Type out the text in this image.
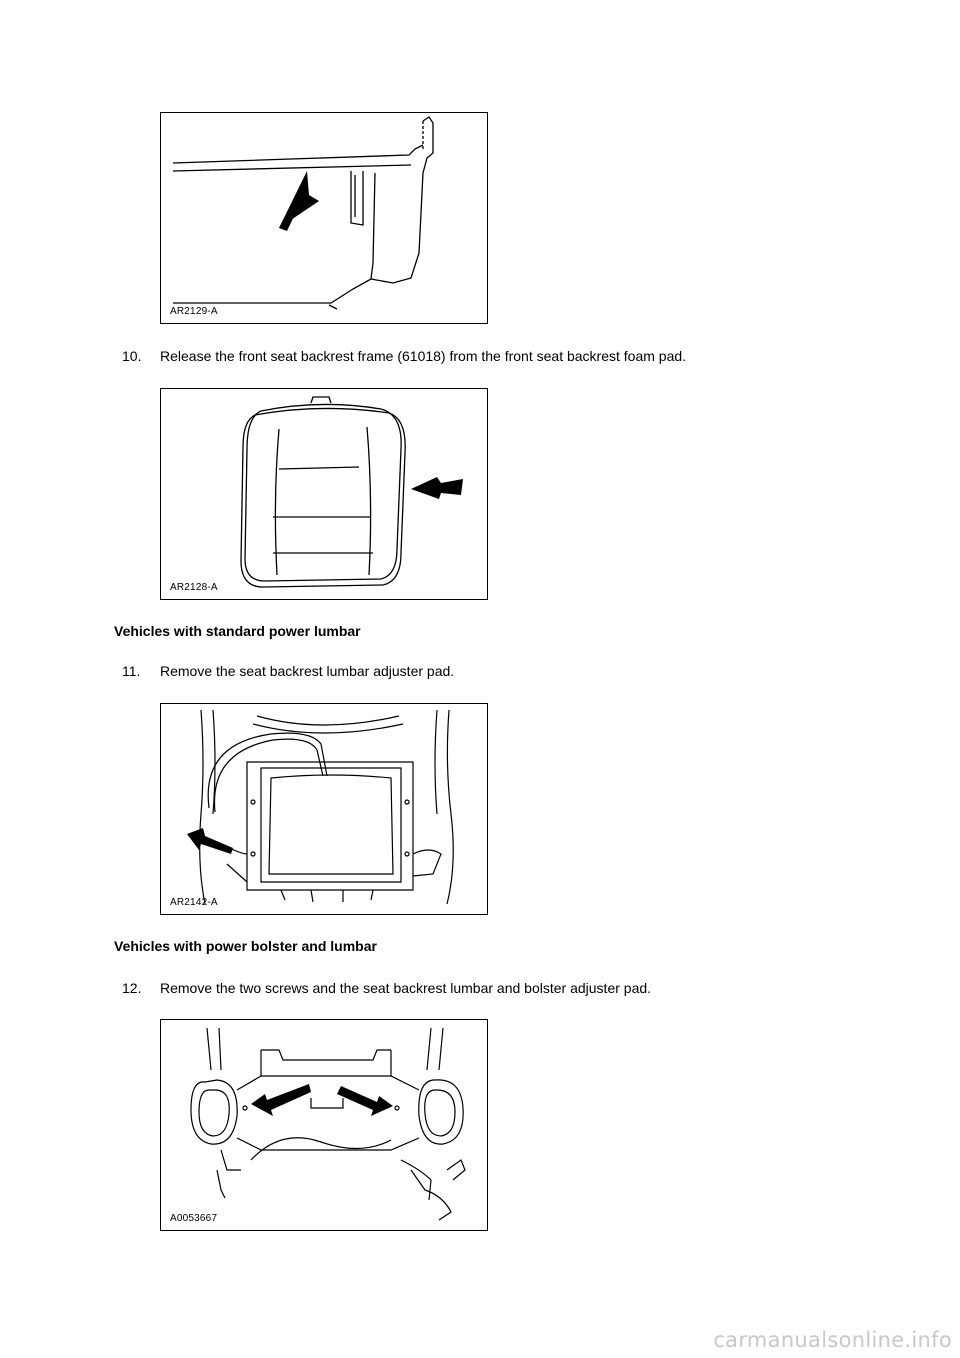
AR2129-A
10. Release the front seat backrest frame (61018) from the front seat backrest foam pad.
AR2128-A
Vehicles with standard power lumbar
11. Remove the seat backrest lumbar adjuster pad.
AR2142-A
Vehicles with power bolster and lumbar
12. Remove the two screws and the seat backrest lumbar and bolster adjuster pad.
A0053667
carmanualsonline.info
